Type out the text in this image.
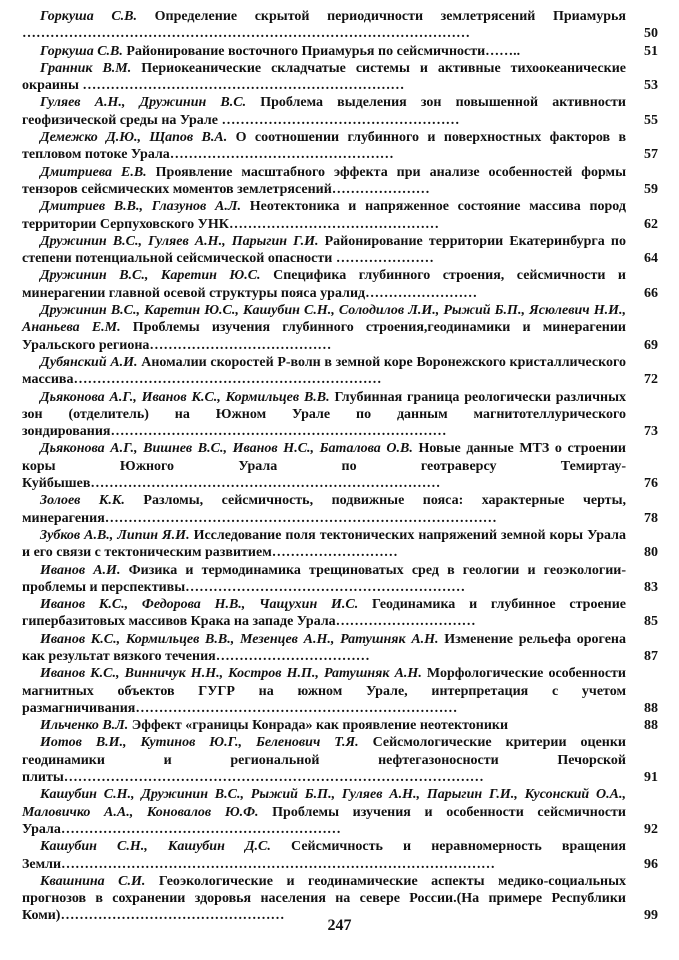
Горкуша С.В. Определение скрытой периодичности землетрясений Приамурья ……………………………………………………………………………………	50
Горкуша С.В. Районирование восточного Приамурья по сейсмичности……..	51
Гранник В.М. Периокеанические складчатые системы и активные тихоокеанические окраины ……………………………………………………………	53
Гуляев А.Н., Дружинин В.С. Проблема выделения зон повышенной активности геофизической среды на Урале ……………………………………………	55
Демежко Д.Ю., Щапов В.А. О соотношении глубинного и поверхностных факторов в тепловом потоке Урала…………………………………………	57
Дмитриева Е.В. Проявление масштабного эффекта при анализе особенностей формы тензоров сейсмических моментов землетрясений…………………	59
Дмитриев В.В., Глазунов А.Л. Неотектоника и напряженное состояние массива пород территории Серпуховского УНК………………………………………	62
Дружинин В.С., Гуляев А.Н., Парыгин Г.И. Районирование территории Екатеринбурга по степени потенциальной сейсмической опасности …………………	64
Дружинин В.С., Каретин Ю.С. Специфика глубинного строения, сейсмичности и минерагении главной осевой структуры пояса уралид……………………	66
Дружинин В.С., Каретин Ю.С., Кашубин С.Н., Солодилов Л.И., Рыжий Б.П., Ясюлевич Н.И., Ананьева Е.М. Проблемы изучения глубинного строения,геодинамики и минерагении Уральского региона…………………………………	69
Дубянский А.И. Аномалии скоростей Р-волн в земной коре Воронежского кристаллического массива…………………………………………………………	72
Дьяконова А.Г., Иванов К.С., Кормильцев В.В. Глубинная граница реологически различных зон (отделитель) на Южном Урале по данным магнитотеллурического зондирования………………………………………………………………	73
Дьяконова А.Г., Вишнев В.С., Иванов Н.С., Баталова О.В. Новые данные МТЗ о строении коры Южного Урала по геотраверсу Темиртау-Куйбышев…………………………………………………………………	76
Золоев К.К. Разломы, сейсмичность, подвижные пояса: характерные черты, минерагения…………………………………………………………………………	78
Зубков А.В., Липин Я.И. Исследование поля тектонических напряжений земной коры Урала и его связи с тектоническим развитием………………………	80
Иванов А.И. Физика и термодинамика трещиноватых сред в геологии и геоэкологии- проблемы и перспективы……………………………………………………	83
Иванов К.С., Федорова Н.В., Чащухин И.С. Геодинамика и глубинное строение гипербазитовых массивов Крака на западе Урала…………………………	85
Иванов К.С., Кормильцев В.В., Мезенцев А.Н., Ратушняк А.Н. Изменение рельефа орогена как результат вязкого течения……………………………	87
Иванов К.С., Винничук Н.Н., Костров Н.П., Ратушняк А.Н. Морфологические особенности магнитных объектов ГУГР на южном Урале, интерпретация с учетом размагничивания……………………………………………………………	88
Ильченко В.Л. Эффект «границы Конрада» как проявление неотектоники	88
Иотов В.И., Кутинов Ю.Г., Беленович Т.Я. Сейсмологические критерии оценки геодинамики и региональной нефтегазоносности Печорской плиты………………………………………………………………………………	91
Кашубин С.Н., Дружинин В.С., Рыжий Б.П., Гуляев А.Н., Парыгин Г.И., Кусонский О.А., Маловичко А.А., Коновалов Ю.Ф. Проблемы изучения и особенности сейсмичности Урала……………………………………………………	92
Кашубин С.Н., Кашубин Д.С. Сейсмичность и неравномерность вращения Земли…………………………………………………………………………………	96
Квашнина С.И. Геоэкологические и геодинамические аспекты медико-социальных прогнозов в сохранении здоровья населения на севере России.(На примере Республики Коми)…………………………………………	99
247
